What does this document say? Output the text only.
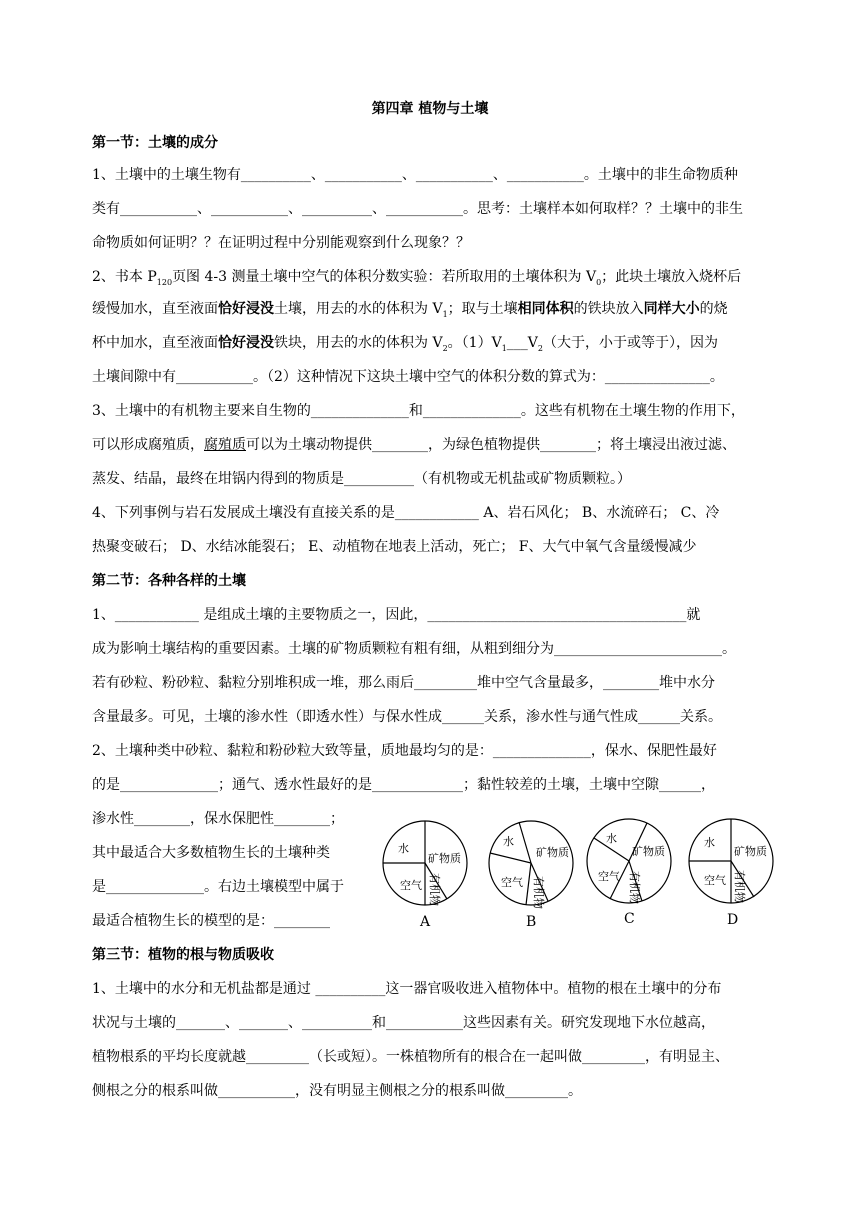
第四章 植物与土壤
第一节：土壤的成分
1、土壤中的土壤生物有__________、___________、___________、___________。土壤中的非生命物质种
类有___________、___________、__________、___________。思考：土壤样本如何取样？？土壤中的非生
命物质如何证明？？在证明过程中分别能观察到什么现象？？
2、书本 $P_{120}$页图 4-3 测量土壤中空气的体积分数实验：若所取用的土壤体积为 $V_0$；此块土壤放入烧杯后
缓慢加水，直至液面恰好浸没土壤，用去的水的体积为 $V_1$；取与土壤相同体积的铁块放入同样大小的烧
杯中加水，直至液面恰好浸没铁块，用去的水的体积为 $V_2$。$(1)V_1\_\_\_V_2$（大于，小于或等于），因为
土壤间隙中有___________。（2）这种情况下这块土壤中空气的体积分数的算式为：_______________。
3、土壤中的有机物主要来自生物的______________和______________。这些有机物在土壤生物的作用下，
可以形成腐殖质，腐殖质可以为土壤动物提供________，为绿色植物提供________；将土壤浸出液过滤、
蒸发、结晶，最终在坩锅内得到的物质是__________（有机物或无机盐或矿物质颗粒。）
4、下列事例与岩石发展成土壤没有直接关系的是____________ A、岩石风化； B、水流碎石； C、冷
热聚变破石； D、水结冰能裂石； E、动植物在地表上活动，死亡； F、大气中氧气含量缓慢减少
第二节：各种各样的土壤
1、____________ 是组成土壤的主要物质之一，因此，_____________________________________就
成为影响土壤结构的重要因素。土壤的矿物质颗粒有粗有细，从粗到细分为________________________。
若有砂粒、粉砂粒、黏粒分别堆积成一堆，那么雨后_________堆中空气含量最多，________堆中水分
含量最多。可见，土壤的渗水性（即透水性）与保水性成______关系，渗水性与通气性成______关系。
2、土壤种类中砂粒、黏粒和粉砂粒大致等量，质地最均匀的是：______________，保水、保肥性最好
的是______________；通气、透水性最好的是_____________；黏性较差的土壤，土壤中空隙______，
渗水性________，保水保肥性________；
其中最适合大多数植物生长的土壤种类
是______________。右边土壤模型中属于
最适合植物生长的模型的是：________
水
矿物质
空气 有机物
A
水
矿物质
空气 有机物
B
水
矿物质
空气 有机物
C
水
矿物质
空气 有机物
D
第三节：植物的根与物质吸收
1、土壤中的水分和无机盐都是通过 __________这一器官吸收进入植物体中。植物的根在土壤中的分布
状况与土壤的_______、_______、__________和___________这些因素有关。研究发现地下水位越高，
植物根系的平均长度就越_________（长或短）。一株植物所有的根合在一起叫做_________，有明显主、
侧根之分的根系叫做___________，没有明显主侧根之分的根系叫做_________。
